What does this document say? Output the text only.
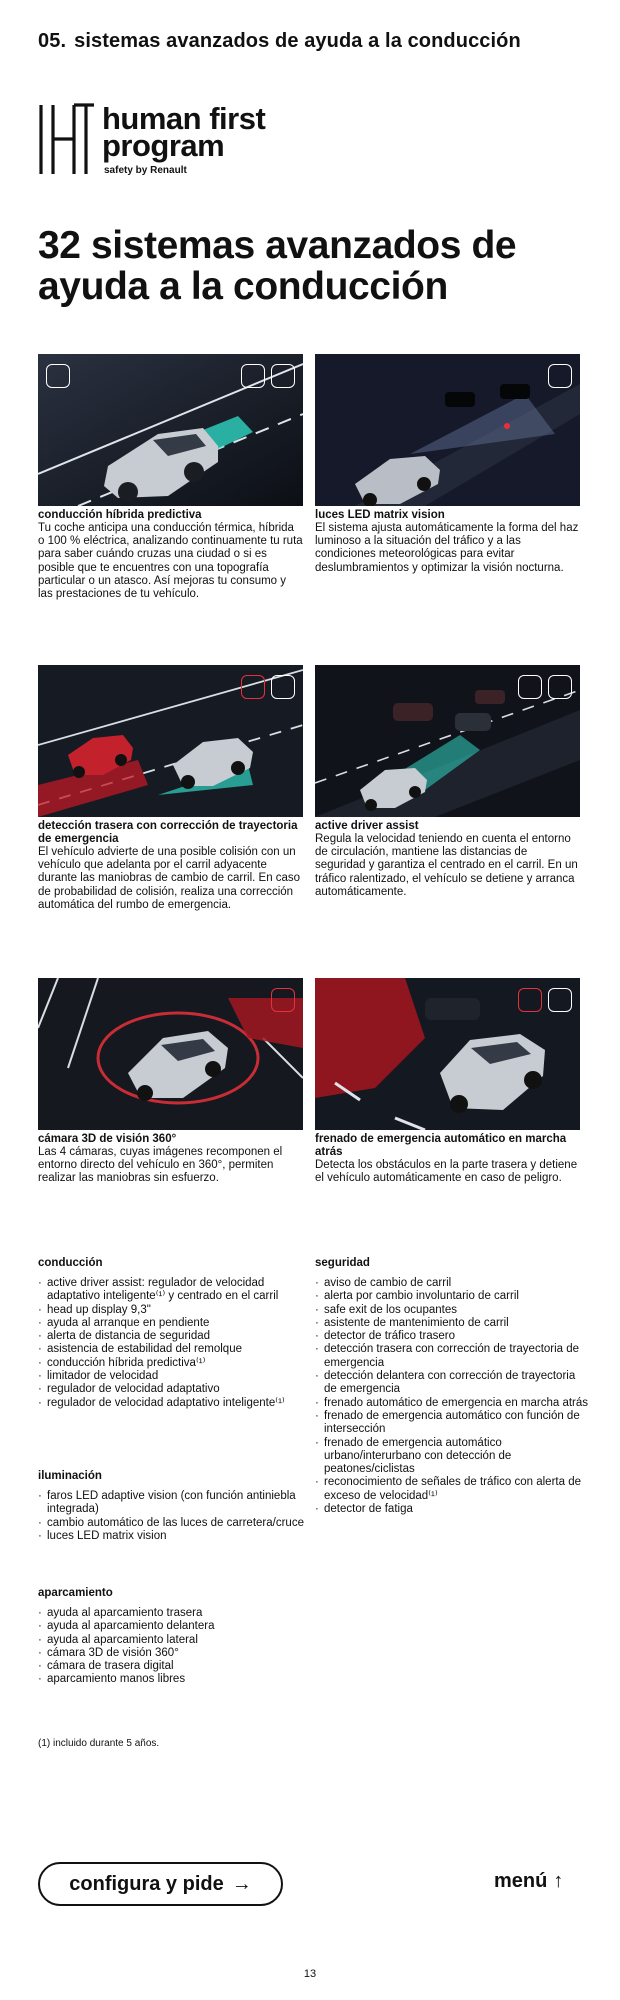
05. sistemas avanzados de ayuda a la conducción
human first
program
safety by Renault
32 sistemas avanzados de ayuda a la conducción
conducción híbrida predictiva
Tu coche anticipa una conducción térmica, híbrida o 100 % eléctrica, analizando continuamente tu ruta para saber cuándo cruzas una ciudad o si es posible que te encuentres con una topografía particular o un atasco. Así mejoras tu consumo y las prestaciones de tu vehículo.
luces LED matrix vision
El sistema ajusta automáticamente la forma del haz luminoso a la situación del tráfico y a las condiciones meteorológicas para evitar deslumbramientos y optimizar la visión nocturna.
detección trasera con corrección de trayectoria de emergencia
El vehículo advierte de una posible colisión con un vehículo que adelanta por el carril adyacente durante las maniobras de cambio de carril. En caso de probabilidad de colisión, realiza una corrección automática del rumbo de emergencia.
active driver assist
Regula la velocidad teniendo en cuenta el entorno de circulación, mantiene las distancias de seguridad y garantiza el centrado en el carril. En un tráfico ralentizado, el vehículo se detiene y arranca automáticamente.
cámara 3D de visión 360°
Las 4 cámaras, cuyas imágenes recomponen el entorno directo del vehículo en 360°, permiten realizar las maniobras sin esfuerzo.
frenado de emergencia automático en marcha atrás
Detecta los obstáculos en la parte trasera y detiene el vehículo automáticamente en caso de peligro.
conducción
· active driver assist: regulador de velocidad adaptativo inteligente⁽¹⁾ y centrado en el carril
· head up display 9,3"
· ayuda al arranque en pendiente
· alerta de distancia de seguridad
· asistencia de estabilidad del remolque
· conducción híbrida predictiva⁽¹⁾
· limitador de velocidad
· regulador de velocidad adaptativo
· regulador de velocidad adaptativo inteligente⁽¹⁾
iluminación
· faros LED adaptive vision (con función antiniebla integrada)
· cambio automático de las luces de carretera/cruce
· luces LED matrix vision
aparcamiento
· ayuda al aparcamiento trasera
· ayuda al aparcamiento delantera
· ayuda al aparcamiento lateral
· cámara 3D de visión 360°
· cámara de trasera digital
· aparcamiento manos libres
seguridad
· aviso de cambio de carril
· alerta por cambio involuntario de carril
· safe exit de los ocupantes
· asistente de mantenimiento de carril
· detector de tráfico trasero
· detección trasera con corrección de trayectoria de emergencia
· detección delantera con corrección de trayectoria de emergencia
· frenado automático de emergencia en marcha atrás
· frenado de emergencia automático con función de intersección
· frenado de emergencia automático urbano/interurbano con detección de peatones/ciclistas
· reconocimiento de señales de tráfico con alerta de exceso de velocidad⁽¹⁾
· detector de fatiga
(1) incluido durante 5 años.
configura y pide →	menú ↑
13
